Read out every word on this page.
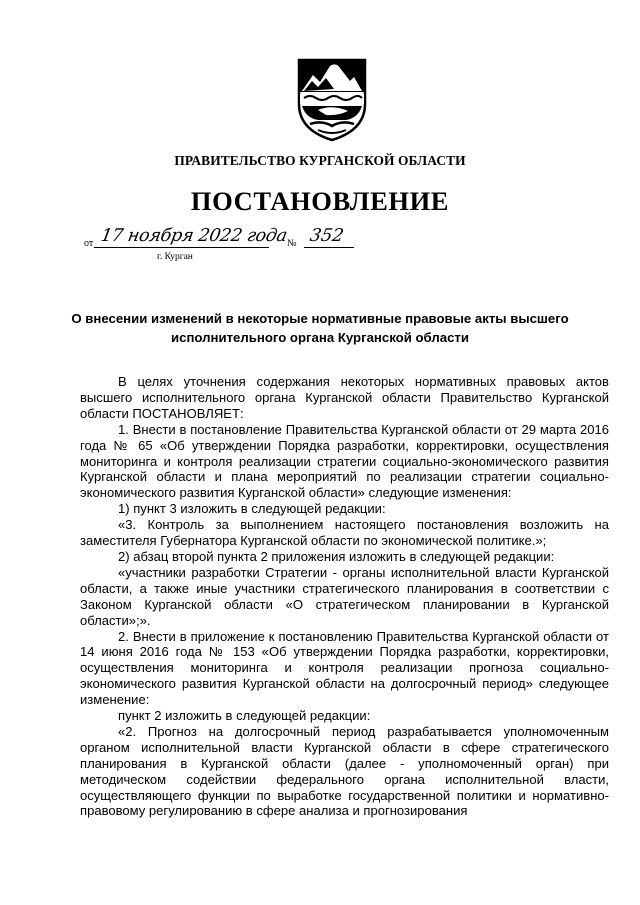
ПРАВИТЕЛЬСТВО КУРГАНСКОЙ ОБЛАСТИ
ПОСТАНОВЛЕНИЕ
от 17 ноября 2022 года
№ 352
г. Курган
О внесении изменений в некоторые нормативные правовые акты высшего
исполнительного органа Курганской области

В целях уточнения содержания некоторых нормативных правовых актов высшего исполнительного органа Курганской области Правительство Курганской области ПОСТАНОВЛЯЕТ:

1. Внести в постановление Правительства Курганской области от 29 марта 2016 года № 65 «Об утверждении Порядка разработки, корректировки, осуществления мониторинга и контроля реализации стратегии социально-экономического развития Курганской области и плана мероприятий по реализации стратегии социально-экономического развития Курганской области» следующие изменения:

1) пункт 3 изложить в следующей редакции:

«3. Контроль за выполнением настоящего постановления возложить на заместителя Губернатора Курганской области по экономической политике.»;

2) абзац второй пункта 2 приложения изложить в следующей редакции:

«участники разработки Стратегии - органы исполнительной власти Курганской области, а также иные участники стратегического планирования в соответствии с Законом Курганской области «О стратегическом планировании в Курганской области»;».

2. Внести в приложение к постановлению Правительства Курганской области от 14 июня 2016 года № 153 «Об утверждении Порядка разработки, корректировки, осуществления мониторинга и контроля реализации прогноза социально-экономического развития Курганской области на долгосрочный период» следующее изменение:

пункт 2 изложить в следующей редакции:

«2. Прогноз на долгосрочный период разрабатывается уполномоченным органом исполнительной власти Курганской области в сфере стратегического планирования в Курганской области (далее - уполномоченный орган) при методическом содействии федерального органа исполнительной власти, осуществляющего функции по выработке государственной политики и нормативно-правовому регулированию в сфере анализа и прогнозирования
